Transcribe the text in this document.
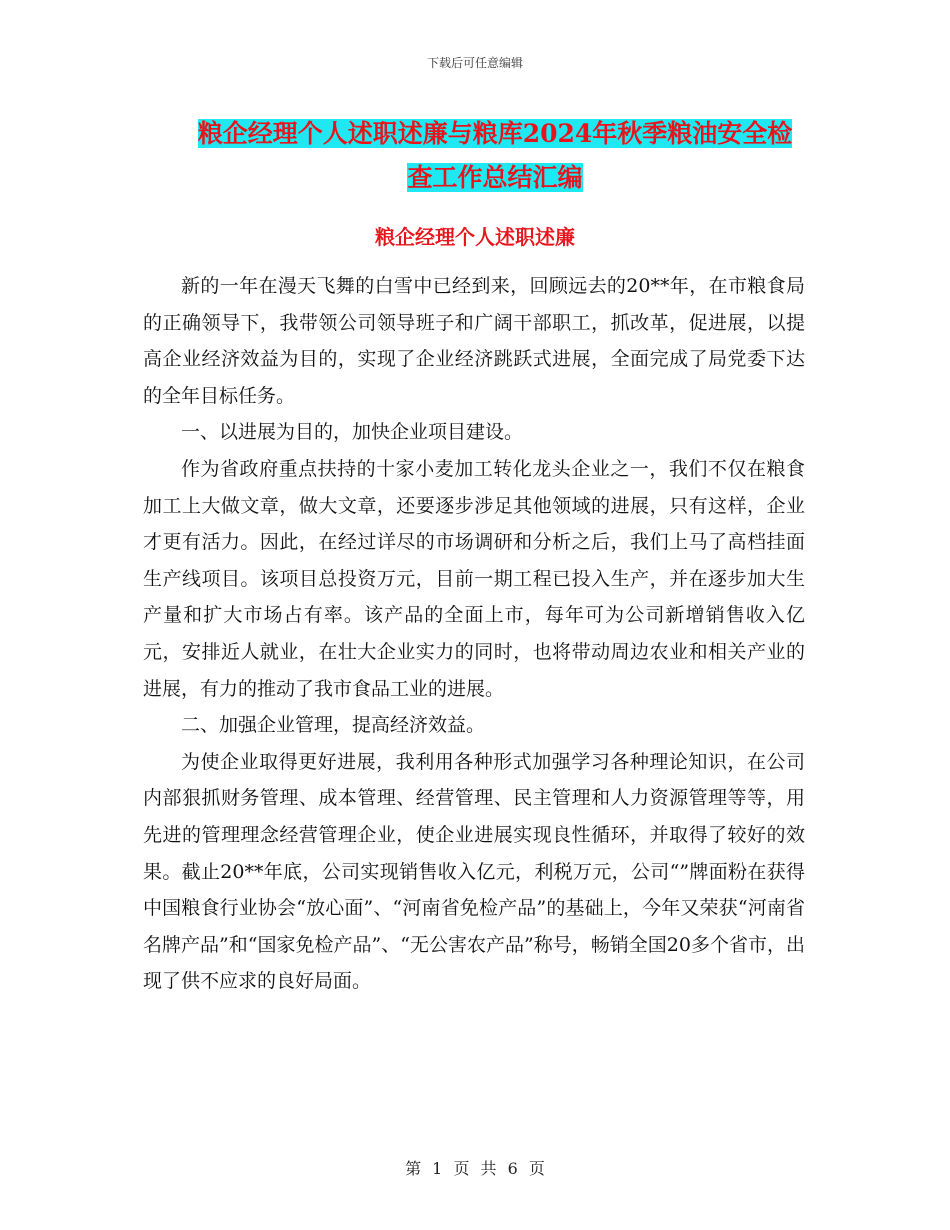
下载后可任意编辑
粮企经理个人述职述廉与粮库2024年秋季粮油安全检
查工作总结汇编
粮企经理个人述职述廉

新的一年在漫天飞舞的白雪中已经到来，回顾远去的20**年，在市粮食局的正确领导下，我带领公司领导班子和广阔干部职工，抓改革，促进展，以提高企业经济效益为目的，实现了企业经济跳跃式进展，全面完成了局党委下达的全年目标任务。

一、以进展为目的，加快企业项目建设。

作为省政府重点扶持的十家小麦加工转化龙头企业之一，我们不仅在粮食加工上大做文章，做大文章，还要逐步涉足其他领域的进展，只有这样，企业才更有活力。因此，在经过详尽的市场调研和分析之后，我们上马了高档挂面生产线项目。该项目总投资万元，目前一期工程已投入生产，并在逐步加大生产量和扩大市场占有率。该产品的全面上市，每年可为公司新增销售收入亿元，安排近人就业，在壮大企业实力的同时，也将带动周边农业和相关产业的进展，有力的推动了我市食品工业的进展。

二、加强企业管理，提高经济效益。

为使企业取得更好进展，我利用各种形式加强学习各种理论知识，在公司内部狠抓财务管理、成本管理、经营管理、民主管理和人力资源管理等等，用先进的管理理念经营管理企业，使企业进展实现良性循环，并取得了较好的效果。截止20**年底，公司实现销售收入亿元，利税万元，公司“”牌面粉在获得中国粮食行业协会“放心面”、“河南省免检产品”的基础上，今年又荣获“河南省名牌产品”和“国家免检产品”、“无公害农产品”称号，畅销全国20多个省市，出现了供不应求的良好局面。

第 1 页 共 6 页
